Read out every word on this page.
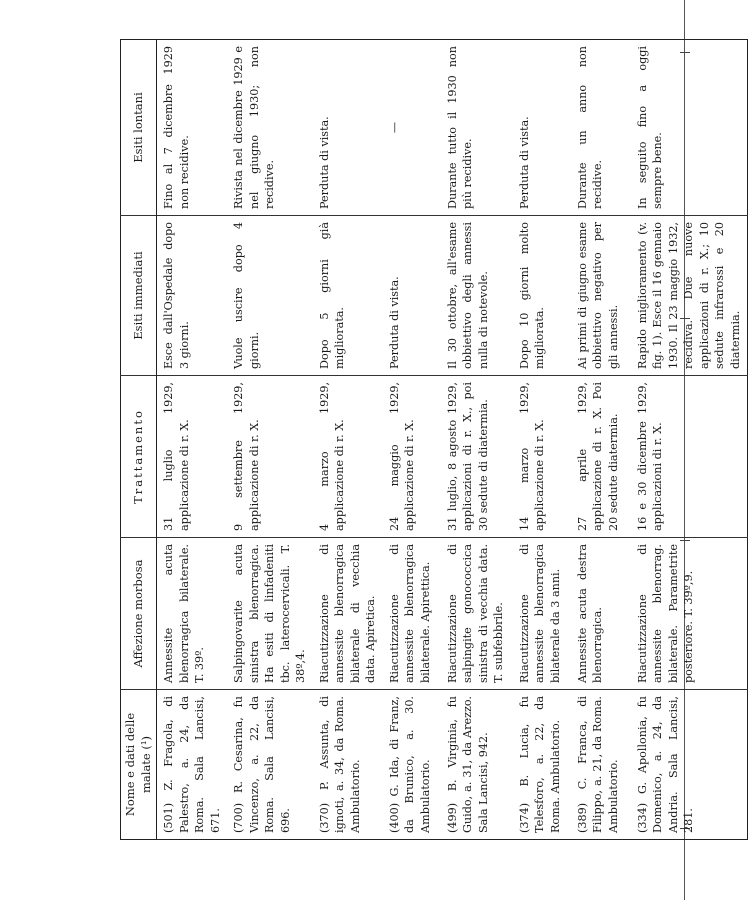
Nome e dati delle malate (¹)	Affezione morbosa	Trattamento	Esiti immediati	Esiti lontani
(501) Z. Fragola, di Palestro, a. 24, da Roma. Sala Lancisi, 671.	Annessite acuta blenorragica bilaterale. T. 39º.	31 luglio 1929, applicazione di r. X.	Esce dall'Ospedale dopo 3 giorni.	Fino al 7 dicembre 1929 non recidive.
(700) R. Cesarina, fu Vincenzo, a. 22, da Roma. Sala Lancisi, 696.	Salpingovarite acuta sinistra blenorragica. Ha esiti di linfadeniti tbc. laterocervicali. T. 38º,4.	9 settembre 1929, applicazione di r. X.	Vuole uscire dopo 4 giorni.	Rivista nel dicembre 1929 e nel giugno 1930; non recidive.
(370) P. Assunta, di ignoti, a. 34, da Roma. Ambulatorio.	Riacutizzazione di annessite blenorragica bilaterale di vecchia data. Apiretica.	4 marzo 1929, applicazione di r. X.	Dopo 5 giorni già migliorata.	Perduta di vista.
(400) G. Ida, di Franz, da Brunico, a. 30. Ambulatorio.	Riacutizzazione di annessite blenorragica bilaterale. Apirettica.	24 maggio 1929, applicazione di r. X.	Perduta di vista.	—

(499) B. Virginia, fu Guido, a. 31, da Arezzo. Sala Lancisi, 942.	Riacutizzazione di salpingite gonococcica sinistra di vecchia data. T. subfebbrile.	31 luglio, 8 agosto 1929, applicazioni di r. X., poi 30 sedute di diatermia.	Il 30 ottobre, all'esame obbiettivo degli annessi nulla di notevole.	Durante tutto il 1930 non più recidive.
(374) B. Lucia, fu Telesforo, a. 22, da Roma. Ambulatorio.	Riacutizzazione di annessite blenorragica bilaterale da 3 anni.	14 marzo 1929, applicazione di r. X.	Dopo 10 giorni molto migliorata.	Perduta di vista.
(389) C. Franca, di Filippo, a. 21, da Roma. Ambulatorio.	Annessite acuta destra blenorragica.	27 aprile 1929, applicazione di r. X. Poi 20 sedute diatermia.	Ai primi di giugno esame obbiettivo negativo per gli annessi.	Durante un anno non recidive.
(334) G. Apollonia, fu Domenico, a. 24, da Andria. Sala Lancisi, 281.	Riacutizzazione di annessite blenorrag. bilaterale. Parametrite posteriore. T. 39º,9.	16 e 30 dicembre 1929, applicazioni di r. X.	Rapido miglioramento (v. fig. 1). Esce il 16 gennaio 1930. Il 23 maggio 1932, recidiva. Due nuove applicazioni di r. X.; 10 sedute infrarossi e 20 diatermia.	In seguito fino a oggi sempre bene.
